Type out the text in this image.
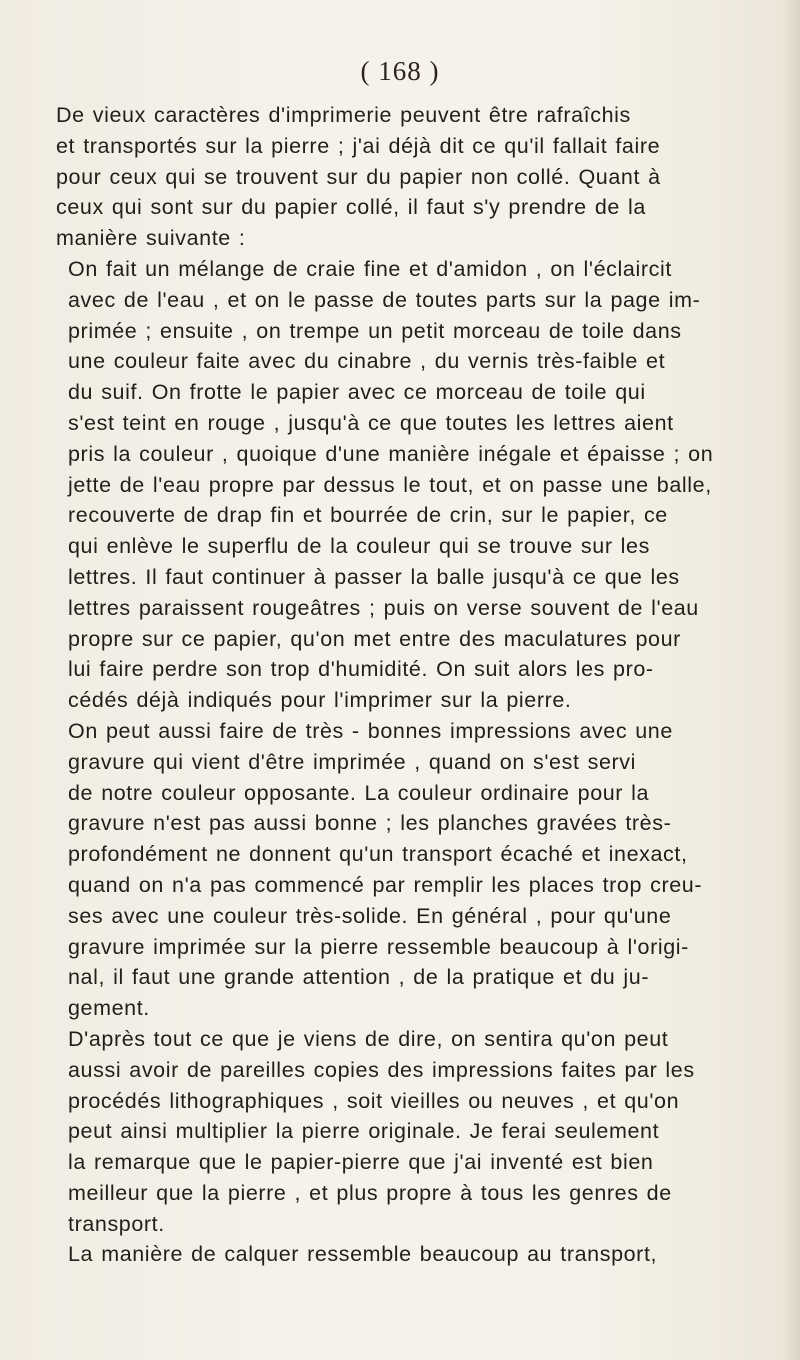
( 168 )

De vieux caractères d'imprimerie peuvent être rafraîchis
et transportés sur la pierre ; j'ai déjà dit ce qu'il fallait faire
pour ceux qui se trouvent sur du papier non collé. Quant à
ceux qui sont sur du papier collé, il faut s'y prendre de la
manière suivante :

On fait un mélange de craie fine et d'amidon , on l'éclaircit
avec de l'eau , et on le passe de toutes parts sur la page im-
primée ; ensuite , on trempe un petit morceau de toile dans
une couleur faite avec du cinabre , du vernis très-faible et
du suif. On frotte le papier avec ce morceau de toile qui
s'est teint en rouge , jusqu'à ce que toutes les lettres aient
pris la couleur , quoique d'une manière inégale et épaisse ; on
jette de l'eau propre par dessus le tout, et on passe une balle,
recouverte de drap fin et bourrée de crin, sur le papier, ce
qui enlève le superflu de la couleur qui se trouve sur les
lettres. Il faut continuer à passer la balle jusqu'à ce que les
lettres paraissent rougeâtres ; puis on verse souvent de l'eau
propre sur ce papier, qu'on met entre des maculatures pour
lui faire perdre son trop d'humidité. On suit alors les pro-
cédés déjà indiqués pour l'imprimer sur la pierre.

On peut aussi faire de très - bonnes impressions avec une
gravure qui vient d'être imprimée , quand on s'est servi
de notre couleur opposante. La couleur ordinaire pour la
gravure n'est pas aussi bonne ; les planches gravées très-
profondément ne donnent qu'un transport écaché et inexact,
quand on n'a pas commencé par remplir les places trop creu-
ses avec une couleur très-solide. En général , pour qu'une
gravure imprimée sur la pierre ressemble beaucoup à l'origi-
nal, il faut une grande attention , de la pratique et du ju-
gement.

D'après tout ce que je viens de dire, on sentira qu'on peut
aussi avoir de pareilles copies des impressions faites par les
procédés lithographiques , soit vieilles ou neuves , et qu'on
peut ainsi multiplier la pierre originale. Je ferai seulement
la remarque que le papier-pierre que j'ai inventé est bien
meilleur que la pierre , et plus propre à tous les genres de
transport.

La manière de calquer ressemble beaucoup au transport,
